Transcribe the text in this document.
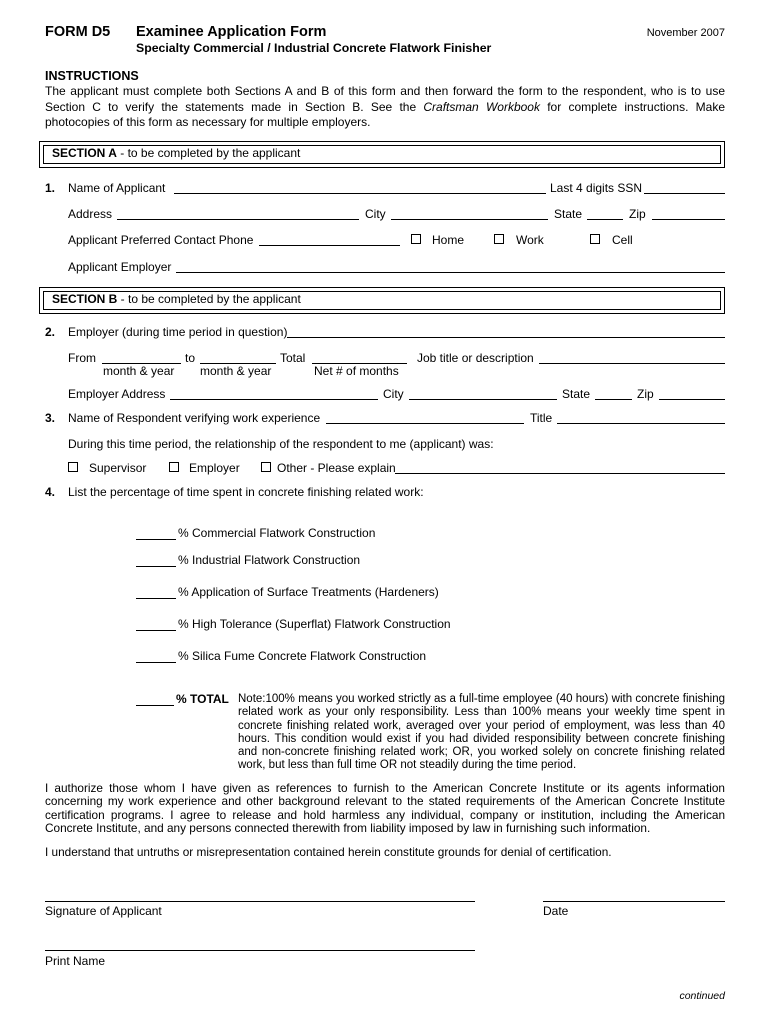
FORM D5 Examinee Application Form
Specialty Commercial / Industrial Concrete Flatwork Finisher
November 2007
INSTRUCTIONS
The applicant must complete both Sections A and B of this form and then forward the form to the respondent, who is to use Section C to verify the statements made in Section B. See the Craftsman Workbook for complete instructions. Make photocopies of this form as necessary for multiple employers.
SECTION A - to be completed by the applicant
1. Name of Applicant	Last 4 digits SSN
Address	City	State	Zip
Applicant Preferred Contact Phone	Home	Work	Cell
Applicant Employer
SECTION B - to be completed by the applicant
2. Employer (during time period in question)
From	to	Total	Job title or description
month & year month & year	Net # of months
Employer Address	City	State	Zip
3. Name of Respondent verifying work experience	Title
During this time period, the relationship of the respondent to me (applicant) was:
Supervisor	Employer	Other - Please explain
4. List the percentage of time spent in concrete finishing related work:
% Commercial Flatwork Construction
% Industrial Flatwork Construction
% Application of Surface Treatments (Hardeners)
% High Tolerance (Superflat) Flatwork Construction
% Silica Fume Concrete Flatwork Construction
% TOTAL Note:100% means you worked strictly as a full-time employee (40 hours) with concrete finishing related work as your only responsibility. Less than 100% means your weekly time spent in concrete finishing related work, averaged over your period of employment, was less than 40 hours. This condition would exist if you had divided responsibility between concrete finishing and non-concrete finishing related work; OR, you worked solely on concrete finishing related work, but less than full time OR not steadily during the time period.
I authorize those whom I have given as references to furnish to the American Concrete Institute or its agents information concerning my work experience and other background relevant to the stated requirements of the American Concrete Institute certification programs. I agree to release and hold harmless any individual, company or institution, including the American Concrete Institute, and any persons connected therewith from liability imposed by law in furnishing such information.
I understand that untruths or misrepresentation contained herein constitute grounds for denial of certification.
Signature of Applicant	Date
Print Name
continued
